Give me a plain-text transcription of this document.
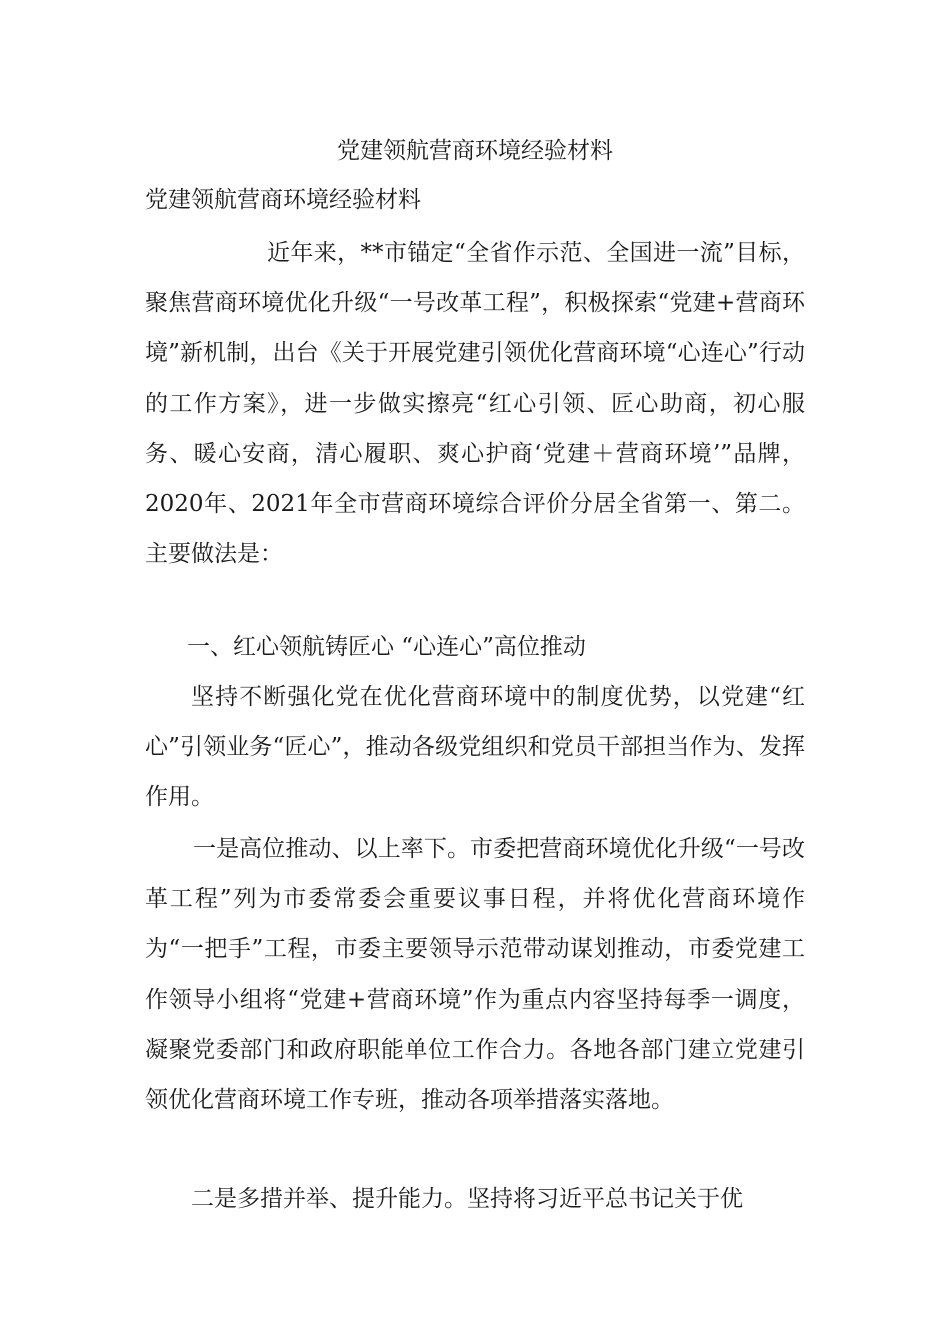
党建领航营商环境经验材料
党建领航营商环境经验材料

近年来，**市锚定“全省作示范、全国进一流”目标，聚焦营商环境优化升级“一号改革工程”，积极探索“党建+营商环境”新机制，出台《关于开展党建引领优化营商环境“心连心”行动的工作方案》，进一步做实擦亮“红心引领、匠心助商，初心服务、暖心安商，清心履职、爽心护商‘党建＋营商环境’”品牌，2020年、2021年全市营商环境综合评价分居全省第一、第二。主要做法是：

一、红心领航铸匠心 “心连心”高位推动

坚持不断强化党在优化营商环境中的制度优势，以党建“红心”引领业务“匠心”，推动各级党组织和党员干部担当作为、发挥作用。

一是高位推动、以上率下。市委把营商环境优化升级“一号改革工程”列为市委常委会重要议事日程，并将优化营商环境作为“一把手”工程，市委主要领导示范带动谋划推动，市委党建工作领导小组将“党建+营商环境”作为重点内容坚持每季一调度，凝聚党委部门和政府职能单位工作合力。各地各部门建立党建引领优化营商环境工作专班，推动各项举措落实落地。

二是多措并举、提升能力。坚持将习近平总书记关于优
